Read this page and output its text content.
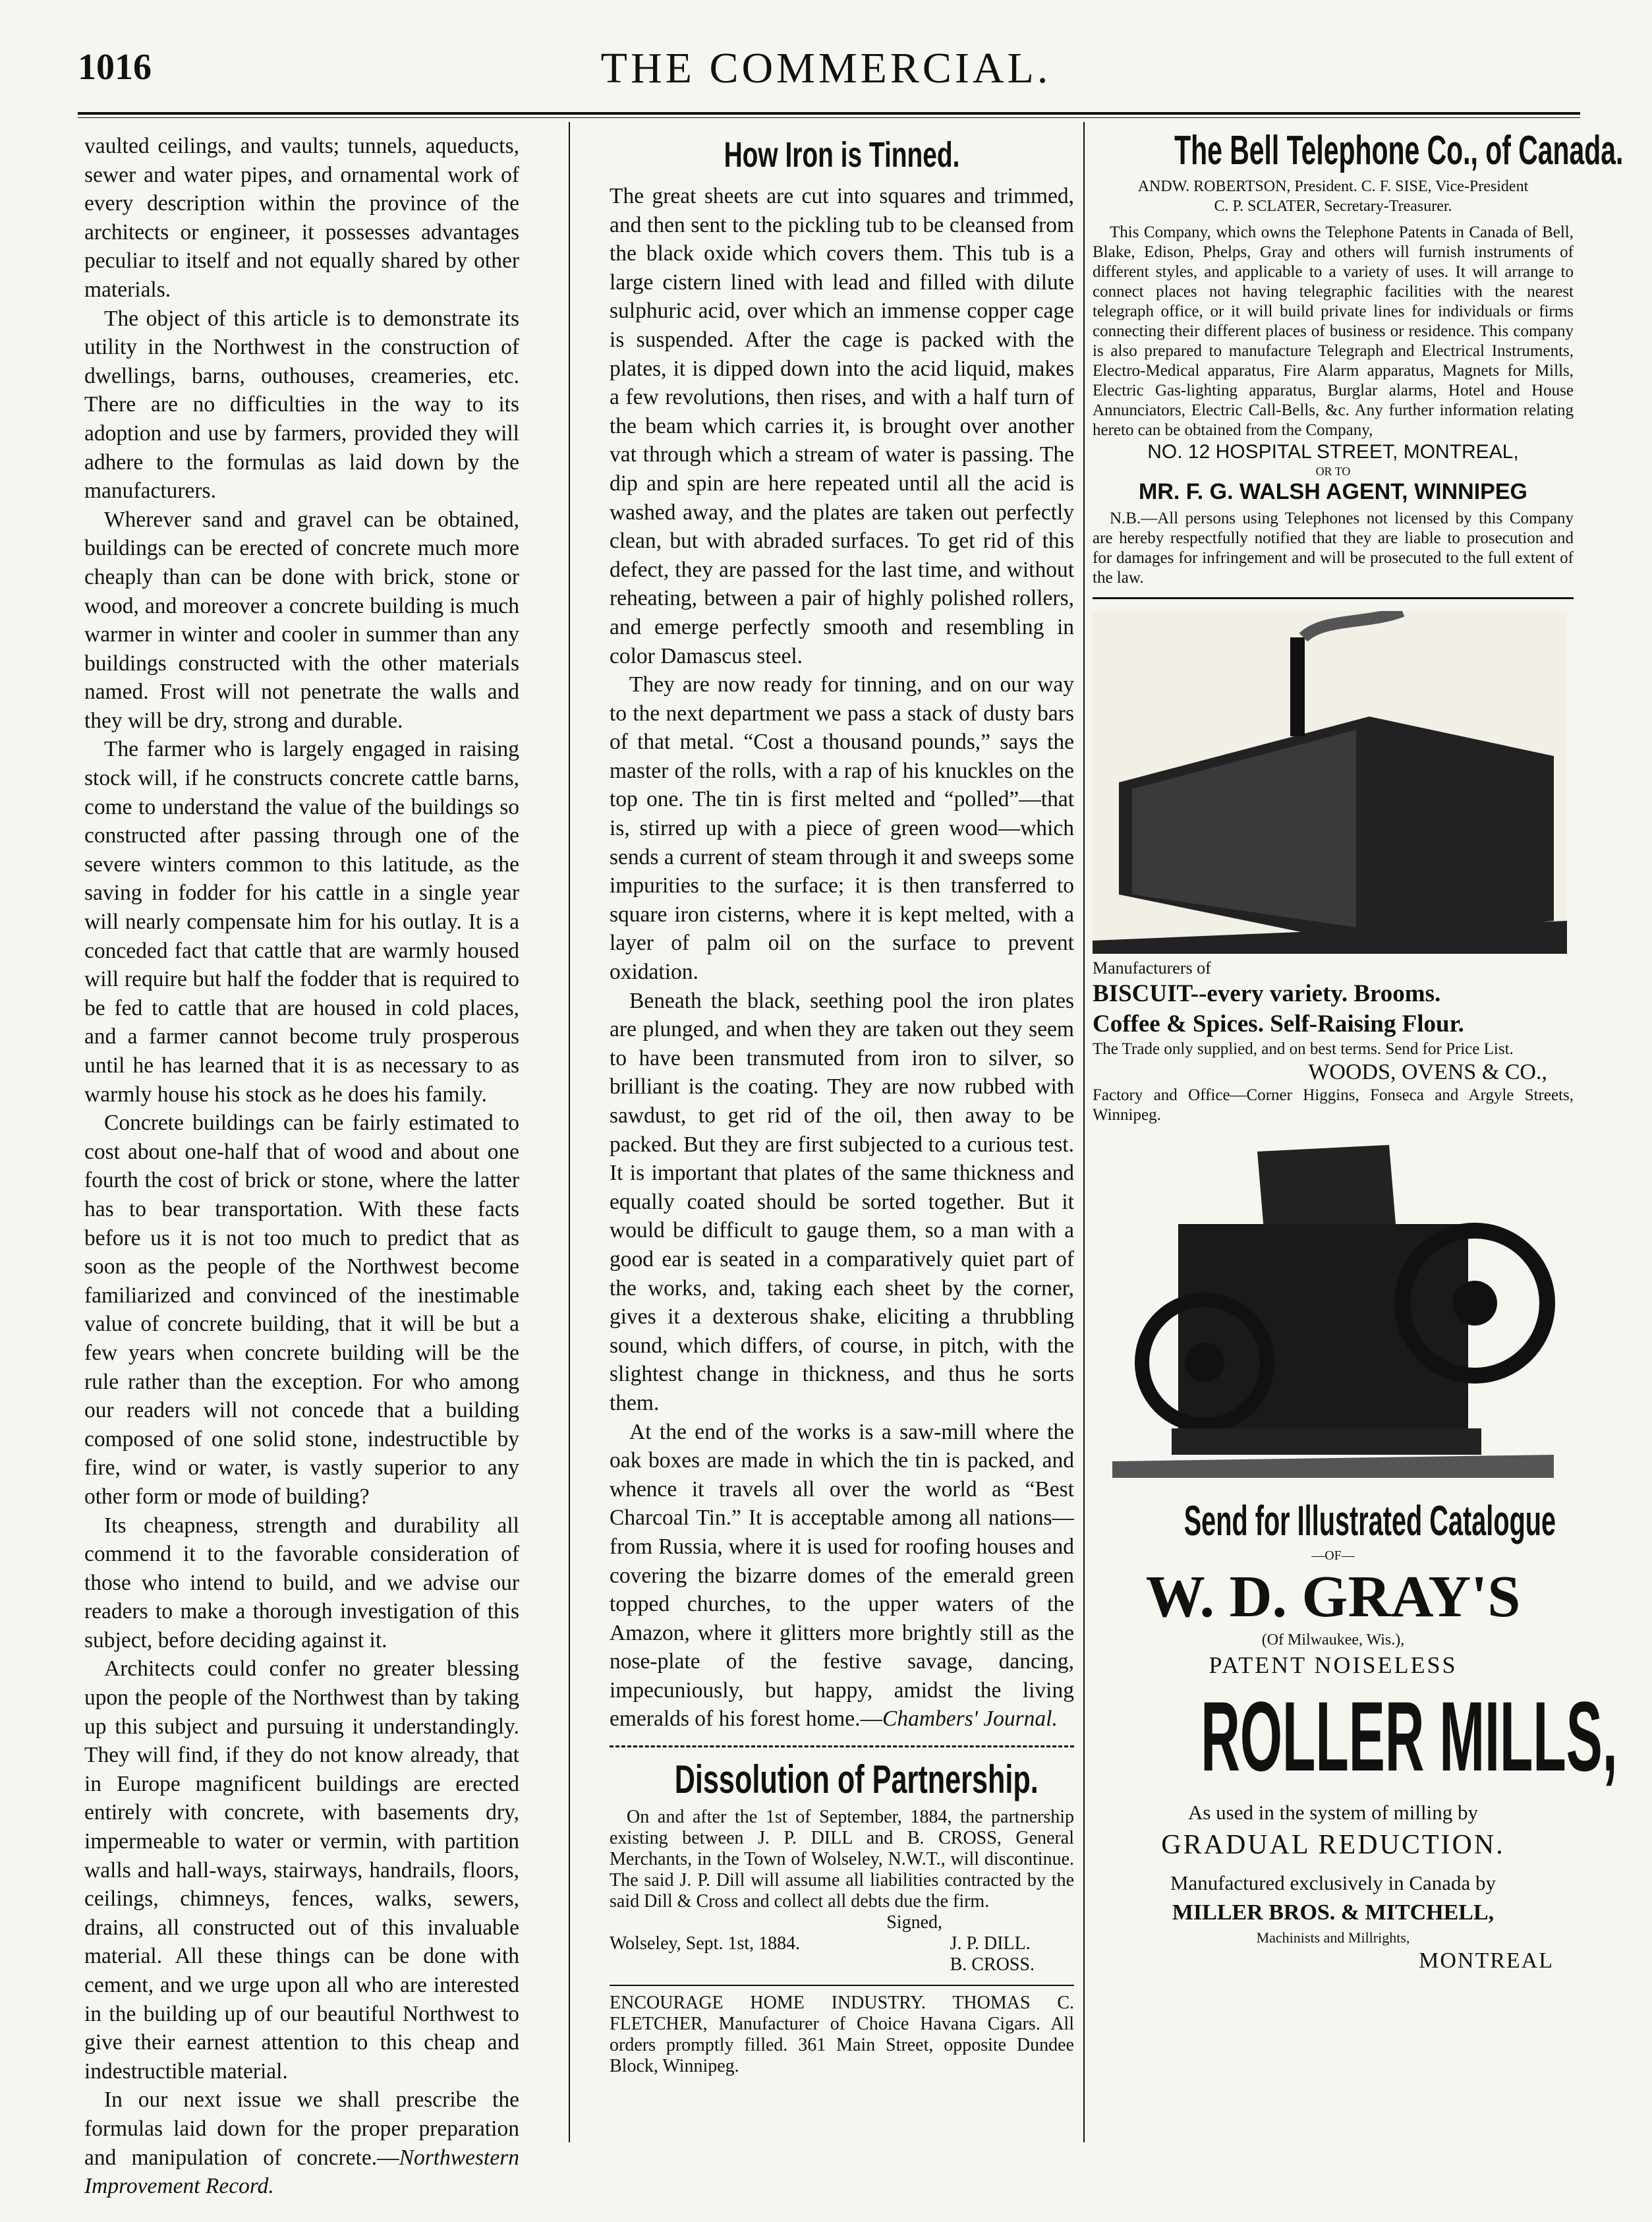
1016	THE COMMERCIAL.

vaulted ceilings, and vaults; tunnels, aqueducts, sewer and water pipes, and ornamental work of every description within the province of the architects or engineer, it possesses advantages peculiar to itself and not equally shared by other materials.

The object of this article is to demonstrate its utility in the Northwest in the construction of dwellings, barns, outhouses, creameries, etc. There are no difficulties in the way to its adoption and use by farmers, provided they will adhere to the formulas as laid down by the manufacturers.

Wherever sand and gravel can be obtained, buildings can be erected of concrete much more cheaply than can be done with brick, stone or wood, and moreover a concrete building is much warmer in winter and cooler in summer than any buildings constructed with the other materials named. Frost will not penetrate the walls and they will be dry, strong and durable.

The farmer who is largely engaged in raising stock will, if he constructs concrete cattle barns, come to understand the value of the buildings so constructed after passing through one of the severe winters common to this latitude, as the saving in fodder for his cattle in a single year will nearly compensate him for his outlay. It is a conceded fact that cattle that are warmly housed will require but half the fodder that is required to be fed to cattle that are housed in cold places, and a farmer cannot become truly prosperous until he has learned that it is as necessary to as warmly house his stock as he does his family.

Concrete buildings can be fairly estimated to cost about one-half that of wood and about one fourth the cost of brick or stone, where the latter has to bear transportation. With these facts before us it is not too much to predict that as soon as the people of the Northwest become familiarized and convinced of the inestimable value of concrete building, that it will be but a few years when concrete building will be the rule rather than the exception. For who among our readers will not concede that a building composed of one solid stone, indestructible by fire, wind or water, is vastly superior to any other form or mode of building?

Its cheapness, strength and durability all commend it to the favorable consideration of those who intend to build, and we advise our readers to make a thorough investigation of this subject, before deciding against it.

Architects could confer no greater blessing upon the people of the Northwest than by taking up this subject and pursuing it understandingly. They will find, if they do not know already, that in Europe magnificent buildings are erected entirely with concrete, with basements dry, impermeable to water or vermin, with partition walls and hall-ways, stairways, handrails, floors, ceilings, chimneys, fences, walks, sewers, drains, all constructed out of this invaluable material. All these things can be done with cement, and we urge upon all who are interested in the building up of our beautiful Northwest to give their earnest attention to this cheap and indestructible material.

In our next issue we shall prescribe the formulas laid down for the proper preparation and manipulation of concrete.—Northwestern Improvement Record.

How Iron is Tinned.

The great sheets are cut into squares and trimmed, and then sent to the pickling tub to be cleansed from the black oxide which covers them. This tub is a large cistern lined with lead and filled with dilute sulphuric acid, over which an immense copper cage is suspended. After the cage is packed with the plates, it is dipped down into the acid liquid, makes a few revolutions, then rises, and with a half turn of the beam which carries it, is brought over another vat through which a stream of water is passing. The dip and spin are here repeated until all the acid is washed away, and the plates are taken out perfectly clean, but with abraded surfaces. To get rid of this defect, they are passed for the last time, and without reheating, between a pair of highly polished rollers, and emerge perfectly smooth and resembling in color Damascus steel.

They are now ready for tinning, and on our way to the next department we pass a stack of dusty bars of that metal. “Cost a thousand pounds,” says the master of the rolls, with a rap of his knuckles on the top one. The tin is first melted and “polled”—that is, stirred up with a piece of green wood—which sends a current of steam through it and sweeps some impurities to the surface; it is then transferred to square iron cisterns, where it is kept melted, with a layer of palm oil on the surface to prevent oxidation.

Beneath the black, seething pool the iron plates are plunged, and when they are taken out they seem to have been transmuted from iron to silver, so brilliant is the coating. They are now rubbed with sawdust, to get rid of the oil, then away to be packed. But they are first subjected to a curious test. It is important that plates of the same thickness and equally coated should be sorted together. But it would be difficult to gauge them, so a man with a good ear is seated in a comparatively quiet part of the works, and, taking each sheet by the corner, gives it a dexterous shake, eliciting a thrubbling sound, which differs, of course, in pitch, with the slightest change in thickness, and thus he sorts them.

At the end of the works is a saw-mill where the oak boxes are made in which the tin is packed, and whence it travels all over the world as “Best Charcoal Tin.” It is acceptable among all nations—from Russia, where it is used for roofing houses and covering the bizarre domes of the emerald green topped churches, to the upper waters of the Amazon, where it glitters more brightly still as the nose-plate of the festive savage, dancing, impecuniously, but happy, amidst the living emeralds of his forest home.—Chambers' Journal.

Dissolution of Partnership.

On and after the 1st of September, 1884, the partnership existing between J. P. DILL and B. CROSS, General Merchants, in the Town of Wolseley, N.W.T., will discontinue. The said J. P. Dill will assume all liabilities contracted by the said Dill & Cross and collect all debts due the firm.

Signed,
Wolseley, Sept. 1st, 1884.	J. P. DILL.
B. CROSS.

ENCOURAGE HOME INDUSTRY. THOMAS C. FLETCHER, Manufacturer of Choice Havana Cigars. All orders promptly filled. 361 Main Street, opposite Dundee Block, Winnipeg.

The Bell Telephone Co., of Canada.
ANDW. ROBERTSON, President. C. F. SISE, Vice-President
C. P. SCLATER, Secretary-Treasurer.

This Company, which owns the Telephone Patents in Canada of Bell, Blake, Edison, Phelps, Gray and others will furnish instruments of different styles, and applicable to a variety of uses. It will arrange to connect places not having telegraphic facilities with the nearest telegraph office, or it will build private lines for individuals or firms connecting their different places of business or residence. This company is also prepared to manufacture Telegraph and Electrical Instruments, Electro-Medical apparatus, Fire Alarm apparatus, Magnets for Mills, Electric Gas-lighting apparatus, Burglar alarms, Hotel and House Annunciators, Electric Call-Bells, &c. Any further information relating hereto can be obtained from the Company,

NO. 12 HOSPITAL STREET, MONTREAL,
OR TO
MR. F. G. WALSH AGENT, WINNIPEG

N.B.—All persons using Telephones not licensed by this Company are hereby respectfully notified that they are liable to prosecution and for damages for infringement and will be prosecuted to the full extent of the law.

Manufacturers of
BISCUIT--every variety. Brooms.
Coffee & Spices. Self-Raising Flour.

The Trade only supplied, and on best terms. Send for Price List.

WOODS, OVENS & CO.,
Factory and Office—Corner Higgins, Fonseca and Argyle Streets, Winnipeg.
Send for Illustrated Catalogue
—OF—
W. D. GRAY'S
(Of Milwaukee, Wis.),
PATENT NOISELESS
ROLLER MILLS,
As used in the system of milling by
GRADUAL REDUCTION.
Manufactured exclusively in Canada by
MILLER BROS. & MITCHELL,
Machinists and Millrights,
MONTREAL
